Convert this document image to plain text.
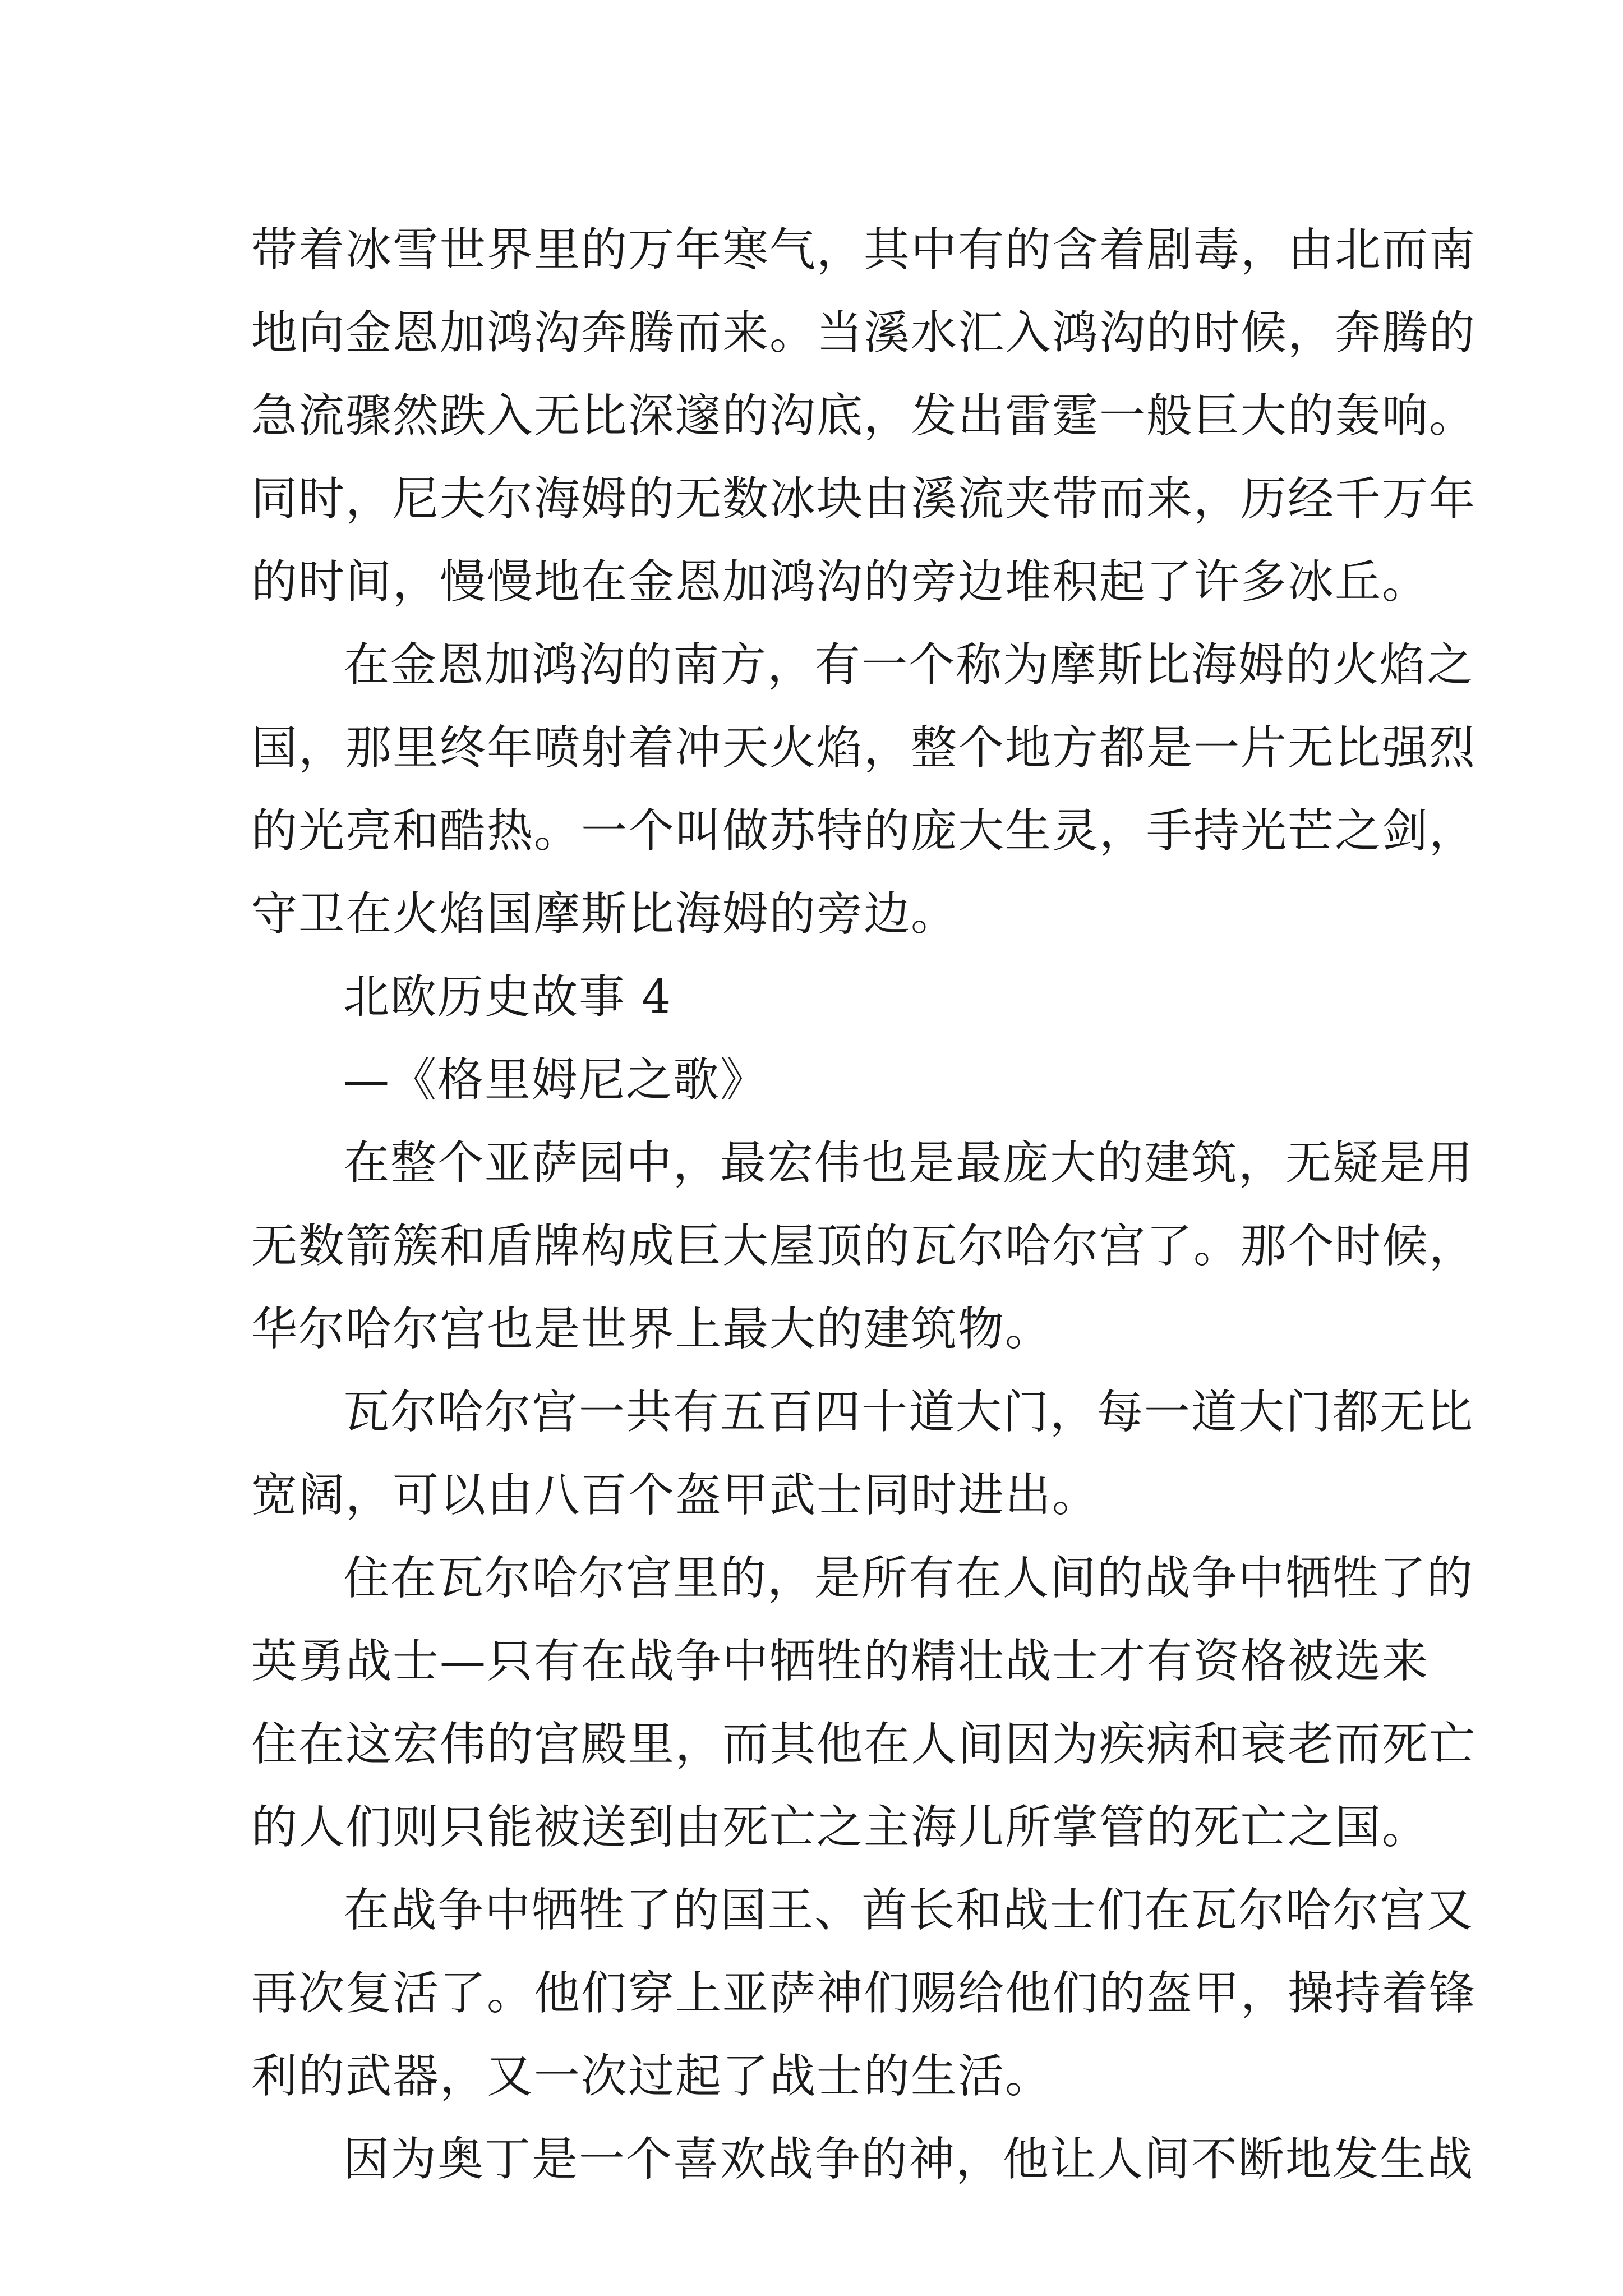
带着冰雪世界里的万年寒气，其中有的含着剧毒，由北而南
地向金恩加鸿沟奔腾而来。当溪水汇入鸿沟的时候，奔腾的
急流骤然跌入无比深邃的沟底，发出雷霆一般巨大的轰响。
同时，尼夫尔海姆的无数冰块由溪流夹带而来，历经千万年
的时间，慢慢地在金恩加鸿沟的旁边堆积起了许多冰丘。
在金恩加鸿沟的南方，有一个称为摩斯比海姆的火焰之
国，那里终年喷射着冲天火焰，整个地方都是一片无比强烈
的光亮和酷热。一个叫做苏特的庞大生灵，手持光芒之剑，
守卫在火焰国摩斯比海姆的旁边。
北欧历史故事 4
—《格里姆尼之歌》
在整个亚萨园中，最宏伟也是最庞大的建筑，无疑是用
无数箭簇和盾牌构成巨大屋顶的瓦尔哈尔宫了。那个时候，
华尔哈尔宫也是世界上最大的建筑物。
瓦尔哈尔宫一共有五百四十道大门，每一道大门都无比
宽阔，可以由八百个盔甲武士同时进出。
住在瓦尔哈尔宫里的，是所有在人间的战争中牺牲了的
英勇战士—只有在战争中牺牲的精壮战士才有资格被选来
住在这宏伟的宫殿里，而其他在人间因为疾病和衰老而死亡
的人们则只能被送到由死亡之主海儿所掌管的死亡之国。
在战争中牺牲了的国王、酋长和战士们在瓦尔哈尔宫又
再次复活了。他们穿上亚萨神们赐给他们的盔甲，操持着锋
利的武器，又一次过起了战士的生活。
因为奥丁是一个喜欢战争的神，他让人间不断地发生战
